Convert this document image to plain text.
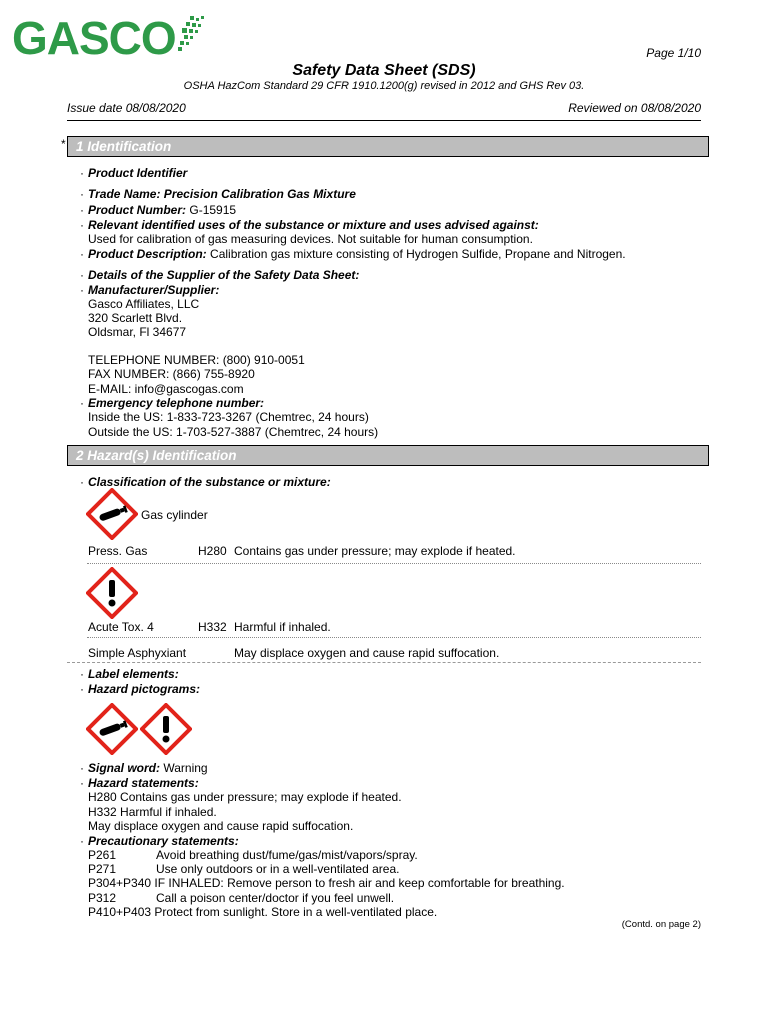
GASCO	Page 1/10
Safety Data Sheet (SDS)
OSHA HazCom Standard 29 CFR 1910.1200(g) revised in 2012 and GHS Rev 03.
Issue date 08/08/2020	Reviewed on 08/08/2020
* 1 Identification
· Product Identifier
· Trade Name: Precision Calibration Gas Mixture
· Product Number: G-15915
· Relevant identified uses of the substance or mixture and uses advised against:
Used for calibration of gas measuring devices. Not suitable for human consumption.
· Product Description: Calibration gas mixture consisting of Hydrogen Sulfide, Propane and Nitrogen.
· Details of the Supplier of the Safety Data Sheet:
· Manufacturer/Supplier:
Gasco Affiliates, LLC
320 Scarlett Blvd.
Oldsmar, Fl 34677
TELEPHONE NUMBER: (800) 910-0051
FAX NUMBER: (866) 755-8920
E-MAIL: info@gascogas.com
· Emergency telephone number:
Inside the US: 1-833-723-3267 (Chemtrec, 24 hours)
Outside the US: 1-703-527-3887 (Chemtrec, 24 hours)
2 Hazard(s) Identification
· Classification of the substance or mixture:
Gas cylinder
Press. Gas	H280 Contains gas under pressure; may explode if heated.
Acute Tox. 4	H332 Harmful if inhaled.
Simple Asphyxiant	May displace oxygen and cause rapid suffocation.
· Label elements:
· Hazard pictograms:
· Signal word: Warning
· Hazard statements:
H280 Contains gas under pressure; may explode if heated.
H332 Harmful if inhaled.
May displace oxygen and cause rapid suffocation.
· Precautionary statements:
P261	Avoid breathing dust/fume/gas/mist/vapors/spray.
P271	Use only outdoors or in a well-ventilated area.
P304+P340 IF INHALED: Remove person to fresh air and keep comfortable for breathing.
P312	Call a poison center/doctor if you feel unwell.
P410+P403 Protect from sunlight. Store in a well-ventilated place.
(Contd. on page 2)
